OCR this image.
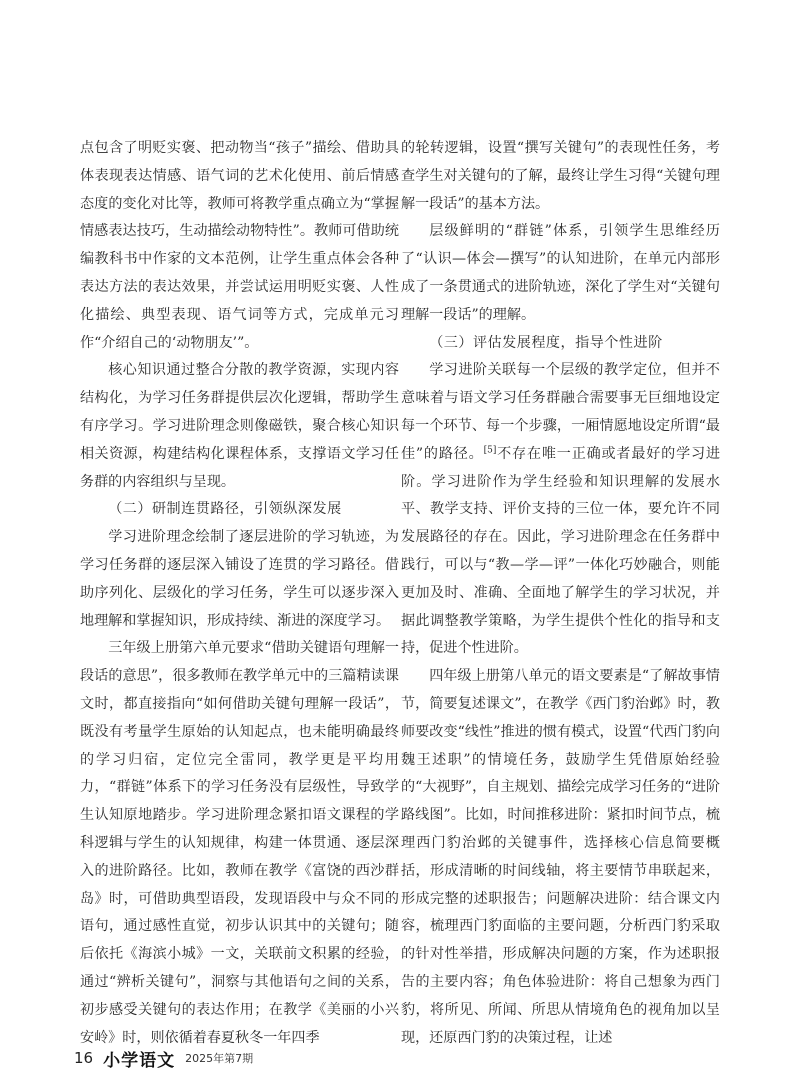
点包含了明贬实褒、把动物当“孩子”描绘、借助具体表现表达情感、语气词的艺术化使用、前后情感态度的变化对比等，教师可将教学重点确立为“掌握情感表达技巧，生动描绘动物特性”。教师可借助统编教科书中作家的文本范例，让学生重点体会各种表达方法的表达效果，并尝试运用明贬实褒、人性化描绘、典型表现、语气词等方式，完成单元习作“介绍自己的‘动物朋友’”。

核心知识通过整合分散的教学资源，实现内容结构化，为学习任务群提供层次化逻辑，帮助学生有序学习。学习进阶理念则像磁铁，聚合核心知识相关资源，构建结构化课程体系，支撑语文学习任务群的内容组织与呈现。

（二）研制连贯路径，引领纵深发展

学习进阶理念绘制了逐层进阶的学习轨迹，为学习任务群的逐层深入铺设了连贯的学习路径。借助序列化、层级化的学习任务，学生可以逐步深入地理解和掌握知识，形成持续、渐进的深度学习。

三年级上册第六单元要求“借助关键语句理解一段话的意思”，很多教师在教学单元中的三篇精读课文时，都直接指向“如何借助关键句理解一段话”，既没有考量学生原始的认知起点，也未能明确最终的学习归宿，定位完全雷同，教学更是平均用力，“群链”体系下的学习任务没有层级性，导致学生认知原地踏步。学习进阶理念紧扣语文课程的学科逻辑与学生的认知规律，构建一体贯通、逐层深入的进阶路径。比如，教师在教学《富饶的西沙群岛》时，可借助典型语段，发现语段中与众不同的语句，通过感性直觉，初步认识其中的关键句；随后依托《海滨小城》一文，关联前文积累的经验，通过“辨析关键句”，洞察与其他语句之间的关系，初步感受关键句的表达作用；在教学《美丽的小兴安岭》时，则依循着春夏秋冬一年四季

的轮转逻辑，设置“撰写关键句”的表现性任务，考查学生对关键句的了解，最终让学生习得“关键句理解一段话”的基本方法。

层级鲜明的“群链”体系，引领学生思维经历了“认识—体会—撰写”的认知进阶，在单元内部形成了一条贯通式的进阶轨迹，深化了学生对“关键句理解一段话”的理解。

（三）评估发展程度，指导个性进阶

学习进阶关联每一个层级的教学定位，但并不意味着与语文学习任务群融合需要事无巨细地设定每一个环节、每一个步骤，一厢情愿地设定所谓“最佳”的路径。[5]不存在唯一正确或者最好的学习进阶。学习进阶作为学生经验和知识理解的发展水平、教学支持、评价支持的三位一体，要允许不同发展路径的存在。因此，学习进阶理念在任务群中践行，可以与“教—学—评”一体化巧妙融合，则能更加及时、准确、全面地了解学生的学习状况，并据此调整教学策略，为学生提供个性化的指导和支持，促进个性进阶。

四年级上册第八单元的语文要素是“了解故事情节，简要复述课文”，在教学《西门豹治邺》时，教师要改变“线性”推进的惯有模式，设置“代西门豹向魏王述职”的情境任务，鼓励学生凭借原始经验的“大视野”，自主规划、描绘完成学习任务的“进阶路线图”。比如，时间推移进阶：紧扣时间节点，梳理西门豹治邺的关键事件，选择核心信息简要概括，形成清晰的时间线轴，将主要情节串联起来，形成完整的述职报告；问题解决进阶：结合课文内容，梳理西门豹面临的主要问题，分析西门豹采取的针对性举措，形成解决问题的方案，作为述职报告的主要内容；角色体验进阶：将自己想象为西门豹，将所见、所闻、所思从情境角色的视角加以呈现，还原西门豹的决策过程，让述

16 小学语文 2025年第7期
